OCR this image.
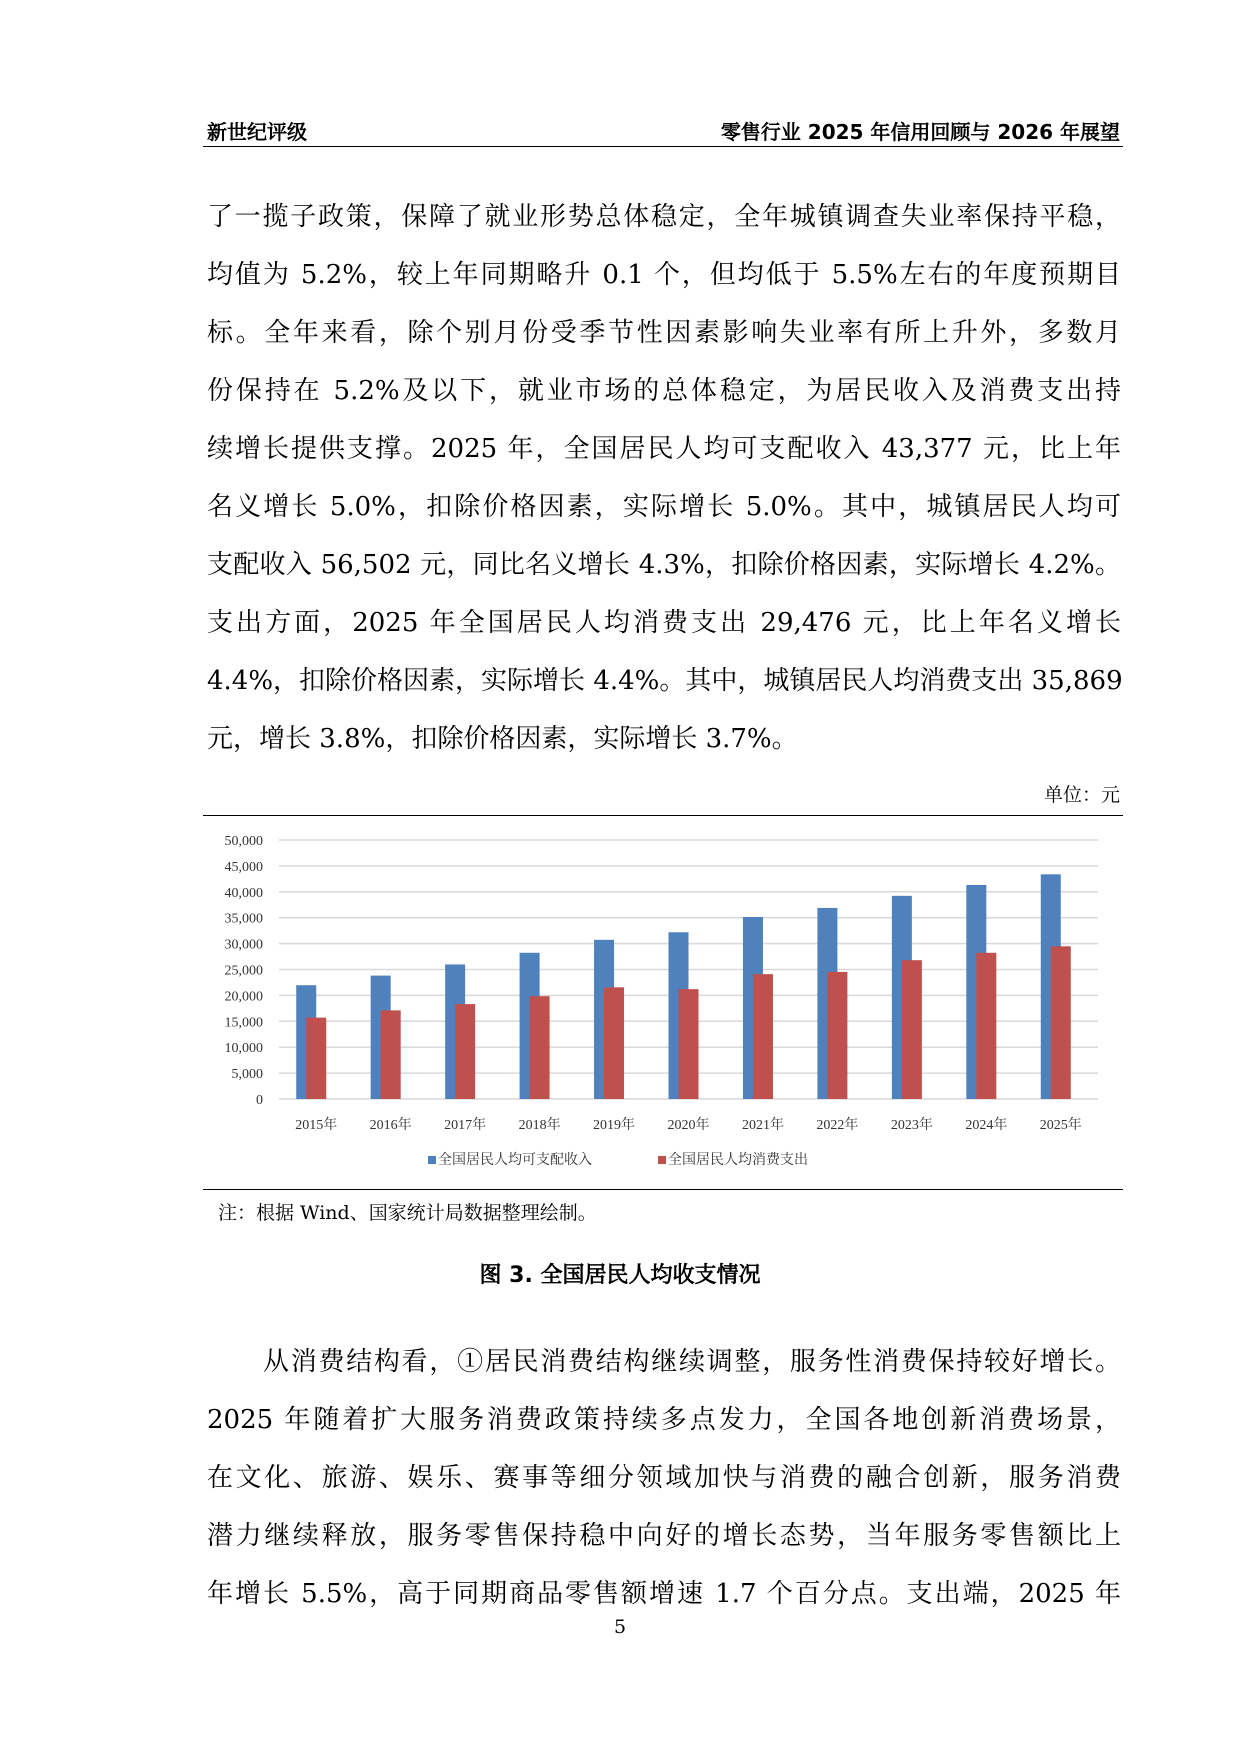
新世纪评级	零售行业 2025 年信用回顾与 2026 年展望
了一揽子政策，保障了就业形势总体稳定，全年城镇调查失业率保持平稳，
均值为 5.2%，较上年同期略升 0.1 个，但均低于 5.5%左右的年度预期目
标。全年来看，除个别月份受季节性因素影响失业率有所上升外，多数月
份保持在 5.2%及以下，就业市场的总体稳定，为居民收入及消费支出持
续增长提供支撑。2025 年，全国居民人均可支配收入 43,377 元，比上年
名义增长 5.0%，扣除价格因素，实际增长 5.0%。其中，城镇居民人均可
支配收入 56,502 元，同比名义增长 4.3%，扣除价格因素，实际增长 4.2%。
支出方面，2025 年全国居民人均消费支出 29,476 元，比上年名义增长
4.4%，扣除价格因素，实际增长 4.4%。其中，城镇居民人均消费支出 35,869
元，增长 3.8%，扣除价格因素，实际增长 3.7%。
单位：元
0
5,000
10,000
15,000
20,000
25,000
30,000
35,000
40,000
45,000
50,000
2015年 2016年 2017年 2018年 2019年 2020年 2021年 2022年 2023年 2024年 2025年
全国居民人均可支配收入	全国居民人均消费支出
注：根据 Wind、国家统计局数据整理绘制。
图 3. 全国居民人均收支情况
从消费结构看，①居民消费结构继续调整，服务性消费保持较好增长。
2025 年随着扩大服务消费政策持续多点发力，全国各地创新消费场景，
在文化、旅游、娱乐、赛事等细分领域加快与消费的融合创新，服务消费
潜力继续释放，服务零售保持稳中向好的增长态势，当年服务零售额比上
年增长 5.5%，高于同期商品零售额增速 1.7 个百分点。支出端，2025 年
5
